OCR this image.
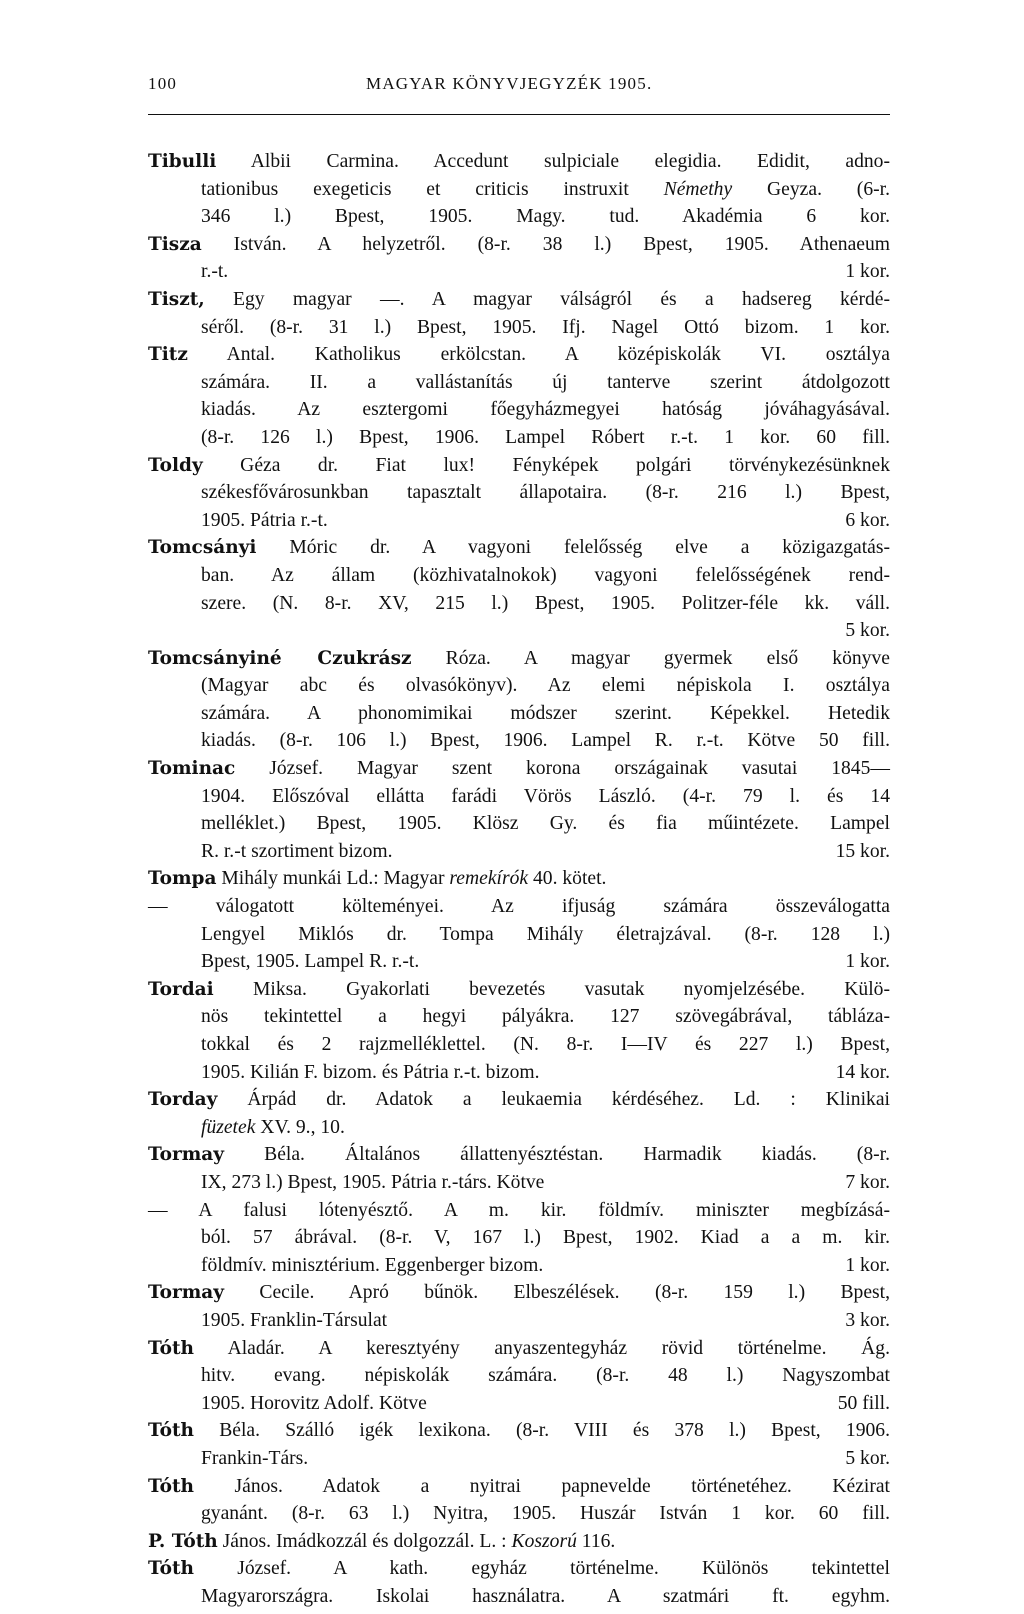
100	MAGYAR KÖNYVJEGYZÉK 1905.
Tibulli Albii Carmina. Accedunt sulpiciale elegidia. Edidit, adno-
tationibus exegeticis et criticis instruxit Némethy Geyza. (6-r.
346 l.) Bpest, 1905. Magy. tud. Akadémia 6 kor.
Tisza István. A helyzetről. (8-r. 38 l.) Bpest, 1905. Athenaeum
r.-t.	1 kor.
Tiszt, Egy magyar —. A magyar válságról és a hadsereg kérdé-
séről. (8-r. 31 l.) Bpest, 1905. Ifj. Nagel Ottó bizom. 1 kor.
Titz Antal. Katholikus erkölcstan. A középiskolák VI. osztálya
számára. II. a vallástanítás új tanterve szerint átdolgozott
kiadás. Az esztergomi főegyházmegyei hatóság jóváhagyásával.
(8-r. 126 l.) Bpest, 1906. Lampel Róbert r.-t. 1 kor. 60 fill.
Toldy Géza dr. Fiat lux! Fényképek polgári törvénykezésünknek
székesfővárosunkban tapasztalt állapotaira. (8-r. 216 l.) Bpest,
1905. Pátria r.-t.	6 kor.
Tomcsányi Móric dr. A vagyoni felelősség elve a közigazgatás-
ban. Az állam (közhivatalnokok) vagyoni felelősségének rend-
szere. (N. 8-r. XV, 215 l.) Bpest, 1905. Politzer-féle kk. váll.
5 kor.
Tomcsányiné Czukrász Róza. A magyar gyermek első könyve
(Magyar abc és olvasókönyv). Az elemi népiskola I. osztálya
számára. A phonomimikai módszer szerint. Képekkel. Hetedik
kiadás. (8-r. 106 l.) Bpest, 1906. Lampel R. r.-t. Kötve 50 fill.
Tominac József. Magyar szent korona országainak vasutai 1845—
1904. Előszóval ellátta farádi Vörös László. (4-r. 79 l. és 14
melléklet.) Bpest, 1905. Klösz Gy. és fia műintézete. Lampel
R. r.-t szortiment bizom.	15 kor.
Tompa Mihály munkái Ld.: Magyar remekírók 40. kötet.
— válogatott költeményei. Az ifjuság számára összeválogatta
Lengyel Miklós dr. Tompa Mihály életrajzával. (8-r. 128 l.)
Bpest, 1905. Lampel R. r.-t.	1 kor.
Tordai Miksa. Gyakorlati bevezetés vasutak nyomjelzésébe. Külö-
nös tekintettel a hegyi pályákra. 127 szövegábrával, tábláza-
tokkal és 2 rajzmelléklettel. (N. 8-r. I—IV és 227 l.) Bpest,
1905. Kilián F. bizom. és Pátria r.-t. bizom.	14 kor.
Torday Árpád dr. Adatok a leukaemia kérdéséhez. Ld. : Klinikai
füzetek XV. 9., 10.
Tormay Béla. Általános állattenyésztéstan. Harmadik kiadás. (8-r.
IX, 273 l.) Bpest, 1905. Pátria r.-társ. Kötve	7 kor.
— A falusi lótenyésztő. A m. kir. földmív. miniszter megbízásá-
ból. 57 ábrával. (8-r. V, 167 l.) Bpest, 1902. Kiad a a m. kir.
földmív. minisztérium. Eggenberger bizom.	1 kor.
Tormay Cecile. Apró bűnök. Elbeszélések. (8-r. 159 l.) Bpest,
1905. Franklin-Társulat	3 kor.
Tóth Aladár. A keresztyény anyaszentegyház rövid történelme. Ág.
hitv. evang. népiskolák számára. (8-r. 48 l.) Nagyszombat
1905. Horovitz Adolf. Kötve	50 fill.
Tóth Béla. Szálló igék lexikona. (8-r. VIII és 378 l.) Bpest, 1906.
Frankin-Társ.	5 kor.
Tóth János. Adatok a nyitrai papnevelde történetéhez. Kézirat
gyanánt. (8-r. 63 l.) Nyitra, 1905. Huszár István 1 kor. 60 fill.
P. Tóth János. Imádkozzál és dolgozzál. L. : Koszorú 116.
Tóth József. A kath. egyház történelme. Különös tekintettel
Magyarországra. Iskolai használatra. A szatmári ft. egyhm.
